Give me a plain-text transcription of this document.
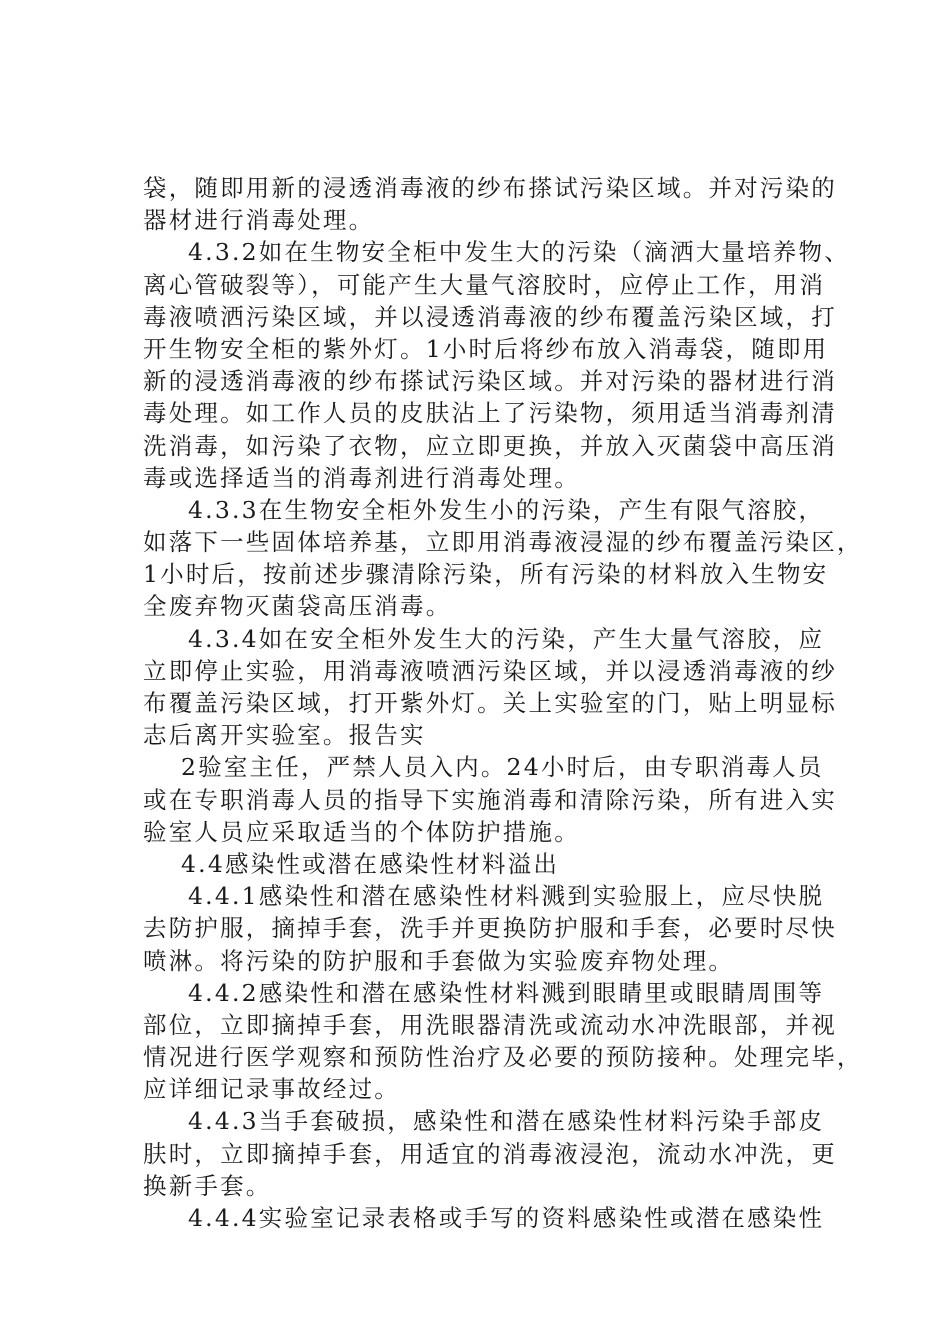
袋，随即用新的浸透消毒液的纱布搽试污染区域。并对污染的
器材进行消毒处理。
4.3.2如在生物安全柜中发生大的污染（滴洒大量培养物、
离心管破裂等），可能产生大量气溶胶时，应停止工作，用消
毒液喷洒污染区域，并以浸透消毒液的纱布覆盖污染区域，打
开生物安全柜的紫外灯。1小时后将纱布放入消毒袋，随即用
新的浸透消毒液的纱布搽试污染区域。并对污染的器材进行消
毒处理。如工作人员的皮肤沾上了污染物，须用适当消毒剂清
洗消毒，如污染了衣物，应立即更换，并放入灭菌袋中高压消
毒或选择适当的消毒剂进行消毒处理。
4.3.3在生物安全柜外发生小的污染，产生有限气溶胶，
如落下一些固体培养基，立即用消毒液浸湿的纱布覆盖污染区，
1小时后，按前述步骤清除污染，所有污染的材料放入生物安
全废弃物灭菌袋高压消毒。
4.3.4如在安全柜外发生大的污染，产生大量气溶胶，应
立即停止实验，用消毒液喷洒污染区域，并以浸透消毒液的纱
布覆盖污染区域，打开紫外灯。关上实验室的门，贴上明显标
志后离开实验室。报告实
2验室主任，严禁人员入内。24小时后，由专职消毒人员
或在专职消毒人员的指导下实施消毒和清除污染，所有进入实
验室人员应采取适当的个体防护措施。
4.4感染性或潜在感染性材料溢出
4.4.1感染性和潜在感染性材料溅到实验服上，应尽快脱
去防护服，摘掉手套，洗手并更换防护服和手套，必要时尽快
喷淋。将污染的防护服和手套做为实验废弃物处理。
4.4.2感染性和潜在感染性材料溅到眼睛里或眼睛周围等
部位，立即摘掉手套，用洗眼器清洗或流动水冲洗眼部，并视
情况进行医学观察和预防性治疗及必要的预防接种。处理完毕，
应详细记录事故经过。
4.4.3当手套破损，感染性和潜在感染性材料污染手部皮
肤时，立即摘掉手套，用适宜的消毒液浸泡，流动水冲洗，更
换新手套。
4.4.4实验室记录表格或手写的资料感染性或潜在感染性
